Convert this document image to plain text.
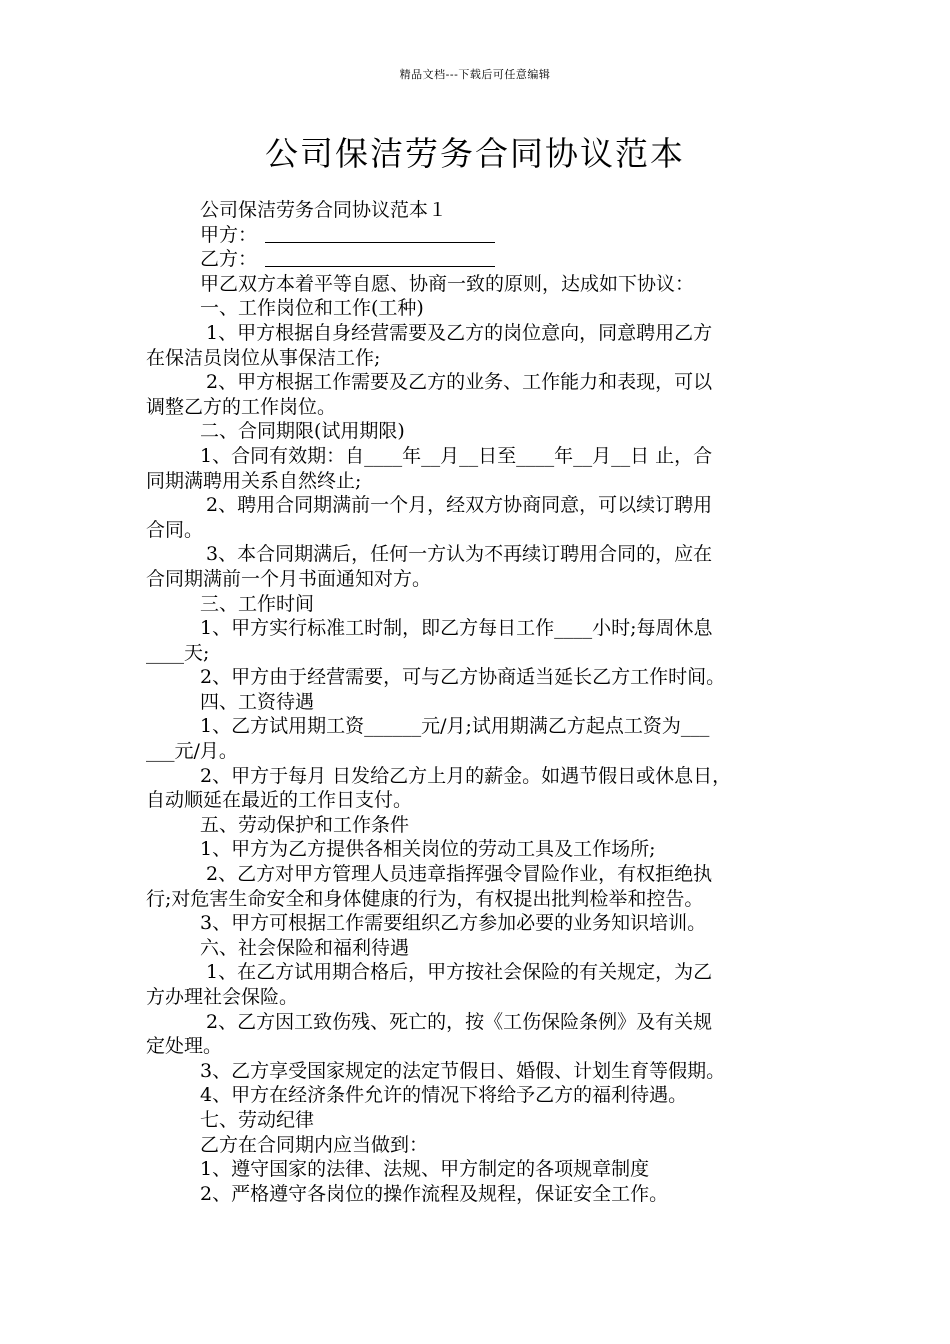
精品文档---下载后可任意编辑
公司保洁劳务合同协议范本
公司保洁劳务合同协议范本１
甲方：
乙方：
甲乙双方本着平等自愿、协商一致的原则，达成如下协议：
一、工作岗位和工作(工种)
1、甲方根据自身经营需要及乙方的岗位意向，同意聘用乙方
在保洁员岗位从事保洁工作;
2、甲方根据工作需要及乙方的业务、工作能力和表现，可以
调整乙方的工作岗位。
二、合同期限(试用期限)
1、合同有效期：自____年__月__日至____年__月__日 止，合
同期满聘用关系自然终止;
2、聘用合同期满前一个月，经双方协商同意，可以续订聘用
合同。
3、本合同期满后，任何一方认为不再续订聘用合同的，应在
合同期满前一个月书面通知对方。
三、工作时间
1、甲方实行标准工时制，即乙方每日工作____小时;每周休息
____天;
2、甲方由于经营需要，可与乙方协商适当延长乙方工作时间。
四、工资待遇
1、乙方试用期工资______元/月;试用期满乙方起点工资为___
___元/月。
2、甲方于每月 日发给乙方上月的薪金。如遇节假日或休息日，
自动顺延在最近的工作日支付。
五、劳动保护和工作条件
1、甲方为乙方提供各相关岗位的劳动工具及工作场所;
2、乙方对甲方管理人员违章指挥强令冒险作业，有权拒绝执
行;对危害生命安全和身体健康的行为，有权提出批判检举和控告。
3、甲方可根据工作需要组织乙方参加必要的业务知识培训。
六、社会保险和福利待遇
1、在乙方试用期合格后，甲方按社会保险的有关规定，为乙
方办理社会保险。
2、乙方因工致伤残、死亡的，按《工伤保险条例》及有关规
定处理。
3、乙方享受国家规定的法定节假日、婚假、计划生育等假期。
4、甲方在经济条件允许的情况下将给予乙方的福利待遇。
七、劳动纪律
乙方在合同期内应当做到：
1、遵守国家的法律、法规、甲方制定的各项规章制度
2、严格遵守各岗位的操作流程及规程，保证安全工作。
